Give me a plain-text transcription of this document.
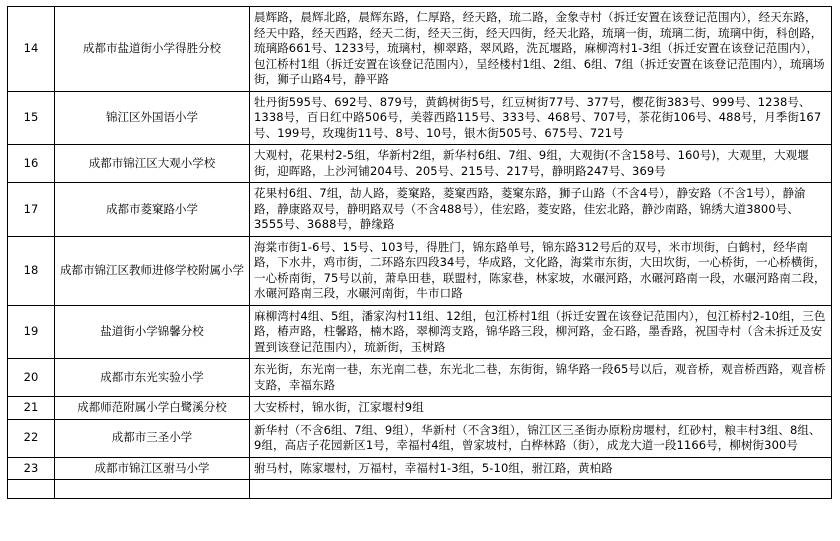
14	成都市盐道街小学得胜分校	晨辉路，晨辉北路，晨辉东路，仁厚路，经天路，琉二路，金象寺村（拆迁安置在该登记范围内），经天东路，经天中路，经天西路，经天二街，经天三街，经天四街，经天北路，琉璃一街，琉璃二街，琉璃中街，科创路，琉璃路661号、1233号，琉璃村，柳翠路，翠风路，洗瓦堰路，麻柳湾村1-3组（拆迁安置在该登记范围内），包江桥村1组（拆迁安置在该登记范围内），呈经楼村1组、2组、6组、7组（拆迁安置在该登记范围内），琉璃场街，狮子山路4号，静平路
15	锦江区外国语小学	牡丹街595号、692号、879号，黄鹤树街5号，红豆树街77号、377号，樱花街383号、999号、1238号、1338号，百日红中路506号，美蓉西路115号、333号、468号、707号，茶花街106号、488号，月季街167号、199号，玫瑰街11号、8号、10号，银木街505号、675号、721号
16	成都市锦江区大观小学校	大观村，花果村2-5组，华新村2组，新华村6组、7组、9组，大观街(不含158号、160号)，大观里，大观堰街，迎晖路，上沙河铺204号、205号、215号、217号，静明路247号、369号
17	成都市菱窠路小学	花果村6组、7组，劼人路，菱窠路，菱窠西路，菱窠东路，狮子山路（不含4号），静安路（不含1号），静渝路，静康路双号，静明路双号（不含488号），佳宏路，菱安路，佳宏北路，静沙南路，锦绣大道3800号、3555号、3688号，静缘路
18	成都市锦江区教师进修学校附属小学	海棠市街1-6号、15号、103号，得胜门，锦东路单号，锦东路312号后的双号，米市坝街，白鹤村，经华南路，下水井，鸡市街，二环路东四段34号，华成路，文化路，海棠市东街，大田坎街，一心桥街，一心桥横街，一心桥南街，75号以前，萧阜田巷，联盟村，陈家巷，林家坡，水碾河路，水碾河路南一段，水碾河路南二段，水碾河路南三段，水碾河南街，牛市口路
19	盐道街小学锦馨分校	麻柳湾村4组、5组，潘家沟村11组、12组，包江桥村1组（拆迁安置在该登记范围内），包江桥村2-10组，三色路，椿声路，柱馨路，楠木路，翠柳湾支路，锦华路三段，柳河路，金石路，墨香路，祝国寺村（含未拆迁及安置到该登记范围内），琉新街，玉树路
20	成都市东光实验小学	东光街，东光南一巷，东光南二巷，东光北二巷，东街街，锦华路一段65号以后，观音桥，观音桥西路，观音桥支路，幸福东路
21	成都师范附属小学白鹭溪分校	大安桥村，锦水街，江家堰村9组
22	成都市三圣小学	新华村（不含6组、7组、9组），华新村（不含3组），锦江区三圣街办原粉房堰村，红砂村，粮丰村3组、8组、9组，高店子花园新区1号，幸福村4组，曾家坡村，白桦林路（街），成龙大道一段1166号，柳树街300号
23	成都市锦江区驸马小学	驸马村，陈家堰村，万福村，幸福村1-3组，5-10组，驸江路，黄柏路
